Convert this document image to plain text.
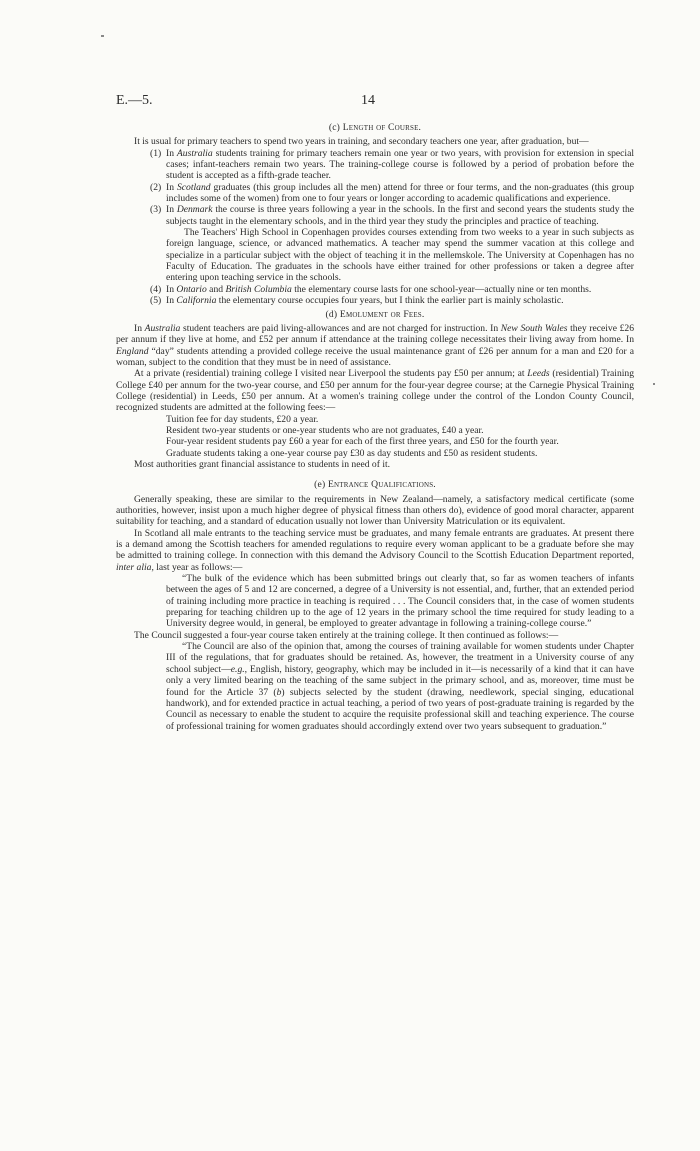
E.—5.	14

(c) Length of Course.

It is usual for primary teachers to spend two years in training, and secondary teachers one year, after graduation, but—

(1) In Australia students training for primary teachers remain one year or two years, with provision for extension in special cases; infant-teachers remain two years. The training-college course is followed by a period of probation before the student is accepted as a fifth-grade teacher.

(2) In Scotland graduates (this group includes all the men) attend for three or four terms, and the non-graduates (this group includes some of the women) from one to four years or longer according to academic qualifications and experience.

(3) In Denmark the course is three years following a year in the schools. In the first and second years the students study the subjects taught in the elementary schools, and in the third year they study the principles and practice of teaching.

The Teachers' High School in Copenhagen provides courses extending from two weeks to a year in such subjects as foreign language, science, or advanced mathematics. A teacher may spend the summer vacation at this college and specialize in a particular subject with the object of teaching it in the mellemskole. The University at Copenhagen has no Faculty of Education. The graduates in the schools have either trained for other professions or taken a degree after entering upon teaching service in the schools.

(4) In Ontario and British Columbia the elementary course lasts for one school-year—actually nine or ten months.

(5) In California the elementary course occupies four years, but I think the earlier part is mainly scholastic.

(d) Emolument or Fees.

In Australia student teachers are paid living-allowances and are not charged for instruction. In New South Wales they receive £26 per annum if they live at home, and £52 per annum if attendance at the training college necessitates their living away from home. In England “day” students attending a provided college receive the usual maintenance grant of £26 per annum for a man and £20 for a woman, subject to the condition that they must be in need of assistance.

At a private (residential) training college I visited near Liverpool the students pay £50 per annum; at Leeds (residential) Training College £40 per annum for the two-year course, and £50 per annum for the four-year degree course; at the Carnegie Physical Training College (residential) in Leeds, £50 per annum. At a women's training college under the control of the London County Council, recognized students are admitted at the following fees:—

Tuition fee for day students, £20 a year.

Resident two-year students or one-year students who are not graduates, £40 a year.

Four-year resident students pay £60 a year for each of the first three years, and £50 for the fourth year.

Graduate students taking a one-year course pay £30 as day students and £50 as resident students.

Most authorities grant financial assistance to students in need of it.

(e) Entrance Qualifications.

Generally speaking, these are similar to the requirements in New Zealand—namely, a satisfactory medical certificate (some authorities, however, insist upon a much higher degree of physical fitness than others do), evidence of good moral character, apparent suitability for teaching, and a standard of education usually not lower than University Matriculation or its equivalent.

In Scotland all male entrants to the teaching service must be graduates, and many female entrants are graduates. At present there is a demand among the Scottish teachers for amended regulations to require every woman applicant to be a graduate before she may be admitted to training college. In connection with this demand the Advisory Council to the Scottish Education Department reported, inter alia, last year as follows:—

“The bulk of the evidence which has been submitted brings out clearly that, so far as women teachers of infants between the ages of 5 and 12 are concerned, a degree of a University is not essential, and, further, that an extended period of training including more practice in teaching is required . . . The Council considers that, in the case of women students preparing for teaching children up to the age of 12 years in the primary school the time required for study leading to a University degree would, in general, be employed to greater advantage in following a training-college course.”

The Council suggested a four-year course taken entirely at the training college. It then continued as follows:—

“The Council are also of the opinion that, among the courses of training available for women students under Chapter III of the regulations, that for graduates should be retained. As, however, the treatment in a University course of any school subject—e.g., English, history, geography, which may be included in it—is necessarily of a kind that it can have only a very limited bearing on the teaching of the same subject in the primary school, and as, moreover, time must be found for the Article 37 (b) subjects selected by the student (drawing, needlework, special singing, educational handwork), and for extended practice in actual teaching, a period of two years of post-graduate training is regarded by the Council as necessary to enable the student to acquire the requisite professional skill and teaching experience. The course of professional training for women graduates should accordingly extend over two years subsequent to graduation.”
